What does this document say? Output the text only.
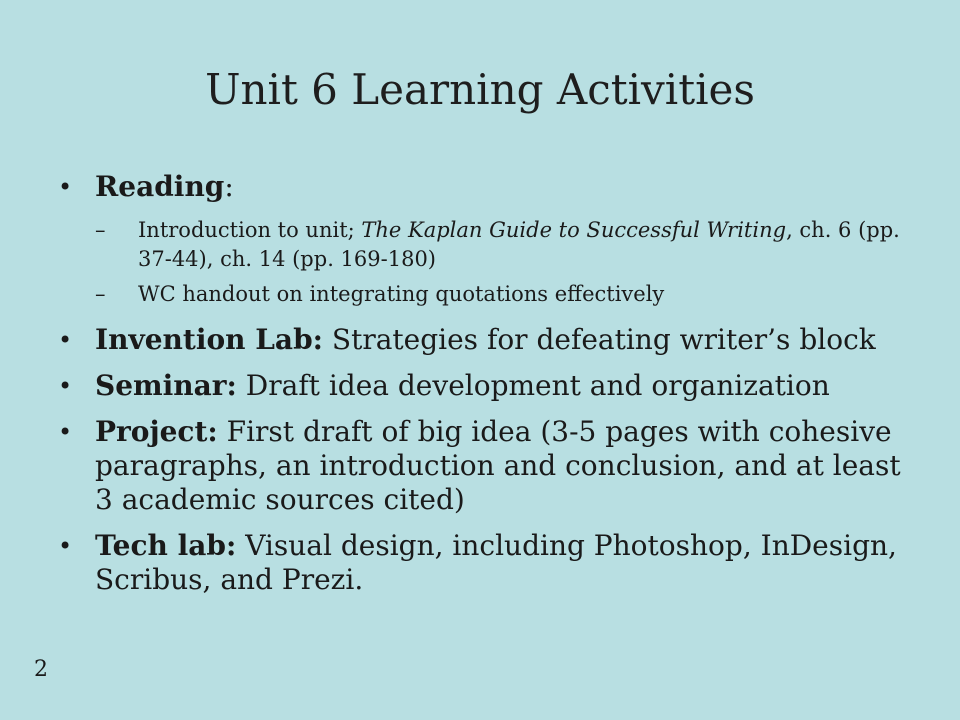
Unit 6 Learning Activities
• Reading:
– Introduction to unit; The Kaplan Guide to Successful Writing, ch. 6 (pp. 37-44), ch. 14 (pp. 169-180)
– WC handout on integrating quotations effectively
• Invention Lab: Strategies for defeating writer’s block
• Seminar: Draft idea development and organization
• Project: First draft of big idea (3-5 pages with cohesive paragraphs, an introduction and conclusion, and at least 3 academic sources cited)
• Tech lab: Visual design, including Photoshop, InDesign, Scribus, and Prezi.
2
